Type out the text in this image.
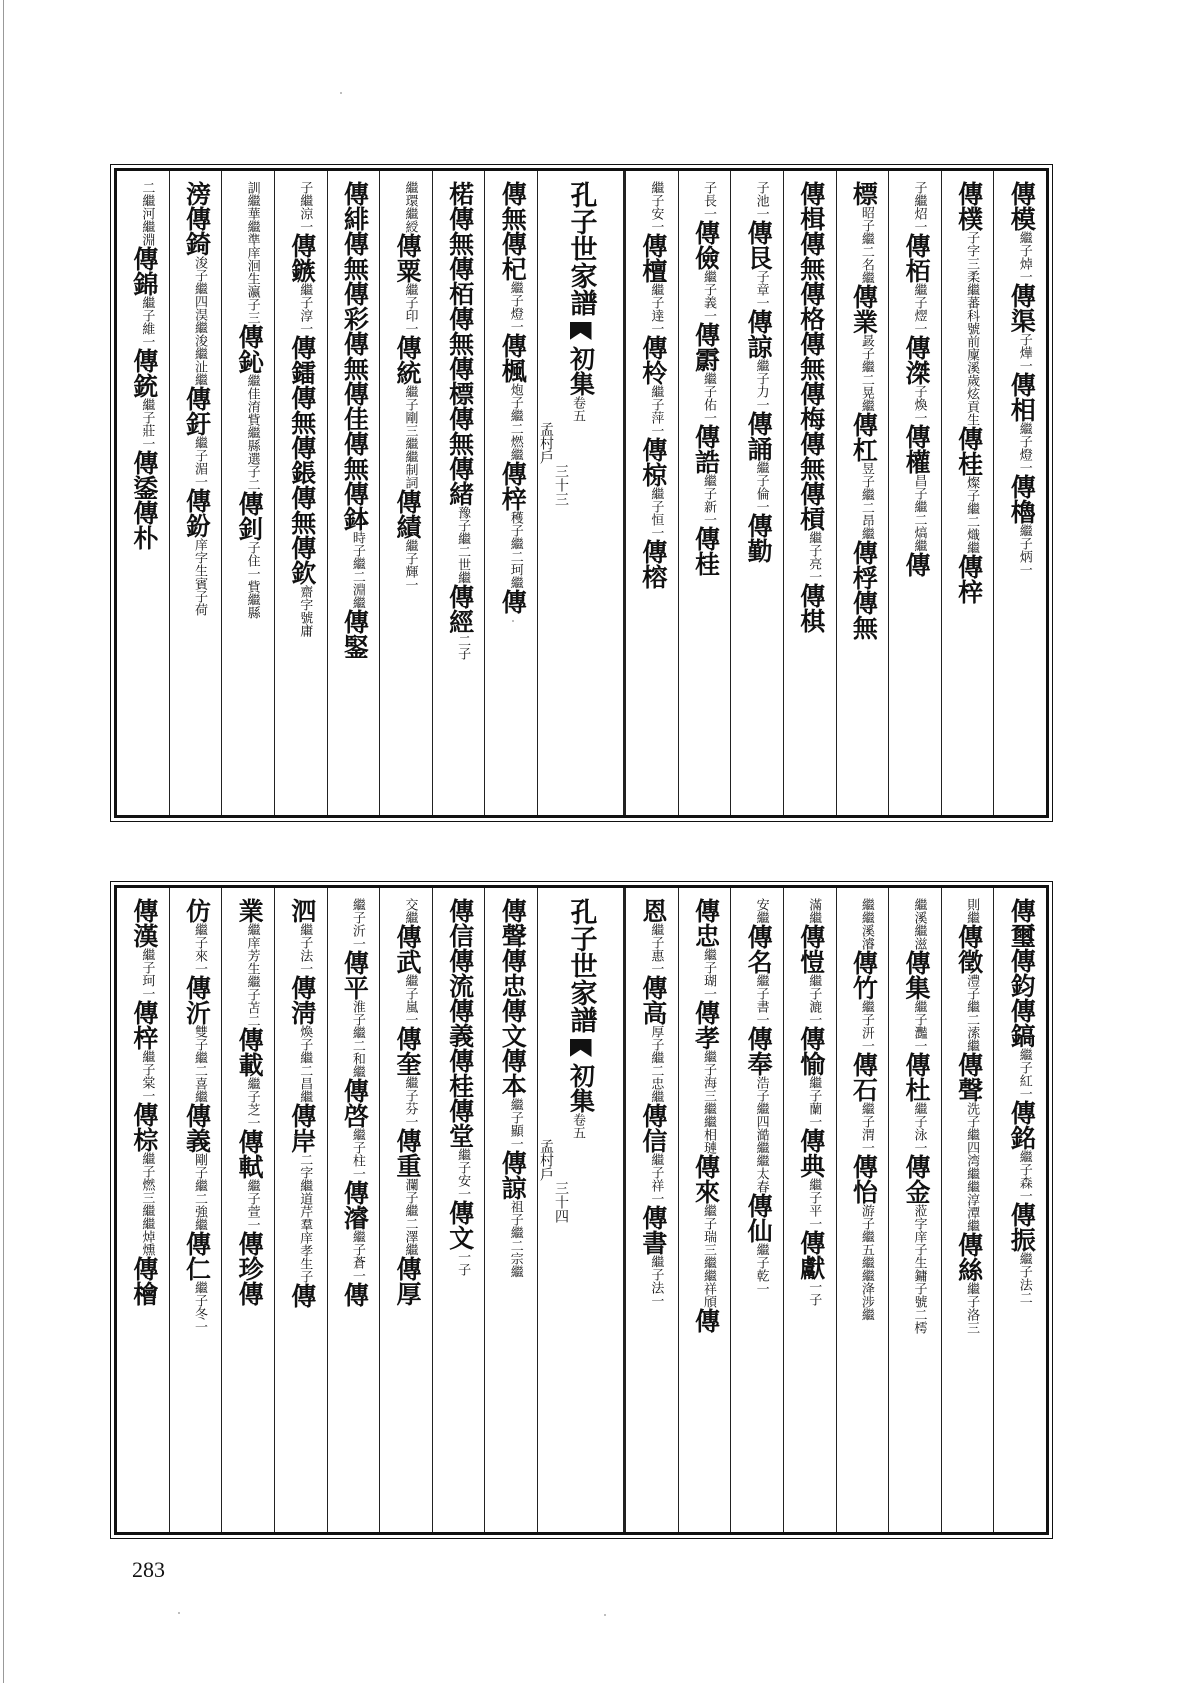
傳模
繼子焯一
傳渠
子燁一
傳相
繼子燈一
傳櫓
繼子炳一
傳樸
子字三柔繼蕃科號前廩溪歲炫貢生
傳桂
燦子繼二熾繼
傳梓
子繼炤一
傳栢
繼子熤一
傳滐
子煥一
傳權
昌子繼二熇繼
傳
標
昭子繼二名繼
傳業
晸子繼二晃繼
傳杠
昱子繼二昂繼
傳桴
傳無
傳楫
傳無
傳格
傳無
傳梅
傳無
傳槓
繼子亮一
傳棋
子池一
傳艮
子章一
傳諒
繼子力一
傳誦
繼子倫一
傳勤
子長一
傳儉
繼子義一
傳霨
繼子佑一
傳誥
繼子新一
傳桂
繼子安一
傳檀
繼子達一
傳柃
繼子萍一
傳椋
繼子恒一
傳榕
孔子世家譜
初集
卷五
孟村戶
三十三
傳無
傳杞
繼子燈一
傳楓
炮子繼二燃繼
傳梓
穫子繼二珂繼
傳
楉
傳無
傳栢
傳無
傳標
傳無
傳緒
豫子繼二世繼
傳經
二子
繼環
繼綬
傳粟
繼子印一
傳統
繼子剛三繼繼制詞
傳績
繼子輝一
傳緋
傳無
傳彩
傳無
傳佳
傳無
傳鉢
時子繼二淵繼
傳鋻
子繼涼一
傳鏃
繼子淳一
傳鐳
傳無
傳鋹
傳無
傳欽
齋字號庸
訓繼華繼準庠洄生瀛子三
傳鈊
繼佳淯貲繼縣選子二
傳釗
子住一貲繼縣
滂
傳錡
浚子繼四淏繼浚繼沚繼
傳釪
繼子湄一
傳鈖
庠字生賓子荷
二繼河繼淵
傳錦
繼子維一
傳銃
繼子莊一
傳鋈
傳朴
傳璽
傳鈞
傳鎬
繼子紅一
傳銘
繼子森一
傳振
繼子法二
則繼
傳徵
澧子繼二溹繼
傳聲
洗子繼四湾繼繼淳潭繼
傳絲
繼子洛三
繼溪
繼滋
傳集
繼子灩一
傳杜
繼子泳一
傳金
蒞字庠子生鏞子號二樗
繼繼
溪濬
傳竹
繼子汧一
傳石
繼子渭一
傳怡
游子繼五繼繼洚涉繼
滿繼
傳愷
繼子漉一
傳愉
繼子蘭一
傳典
繼子平一
傳獻
一子
安繼
傳名
繼子書一
傳奉
浩子繼四澔繼繼太春
傳仙
繼子乾一
傳忠
繼子瑚一
傳孝
繼子海三繼繼相璉
傳來
繼子瑞三繼繼祥頎
傳
恩
繼子惠一
傳高
厚子繼二忠繼
傳信
繼子祥一
傳書
繼子法一
孔子世家譜
初集
卷五
孟村戶
三十四
傳聲
傳忠
傳文
傳本
繼子顯一
傳諒
祖子繼二宗繼
傳信
傳流
傳義
傳桂
傳堂
繼子安一
傳文
一子
交繼
傳武
繼子嵐一
傳奎
繼子芬一
傳重
瀾子繼二澤繼
傳厚
繼子沂一
傳平
淮子繼二和繼
傳啓
繼子柱一
傳濬
繼子蒼一
傳
泗
繼子法一
傳淸
煥子繼二昌繼
傳岸
二字繼道芹羣庠孝生子
傳
業
繼庠芳生繼子苫二
傳載
繼子芝一
傳軾
繼子萱一
傳珍
傳
仿
繼子來一
傳沂
雙子繼二喜繼
傳義
剛子繼二強繼
傳仁
繼子冬一
傳漢
繼子珂一
傳梓
繼子棠一
傳棕
繼子燃三繼繼焯燻
傳檜
283
